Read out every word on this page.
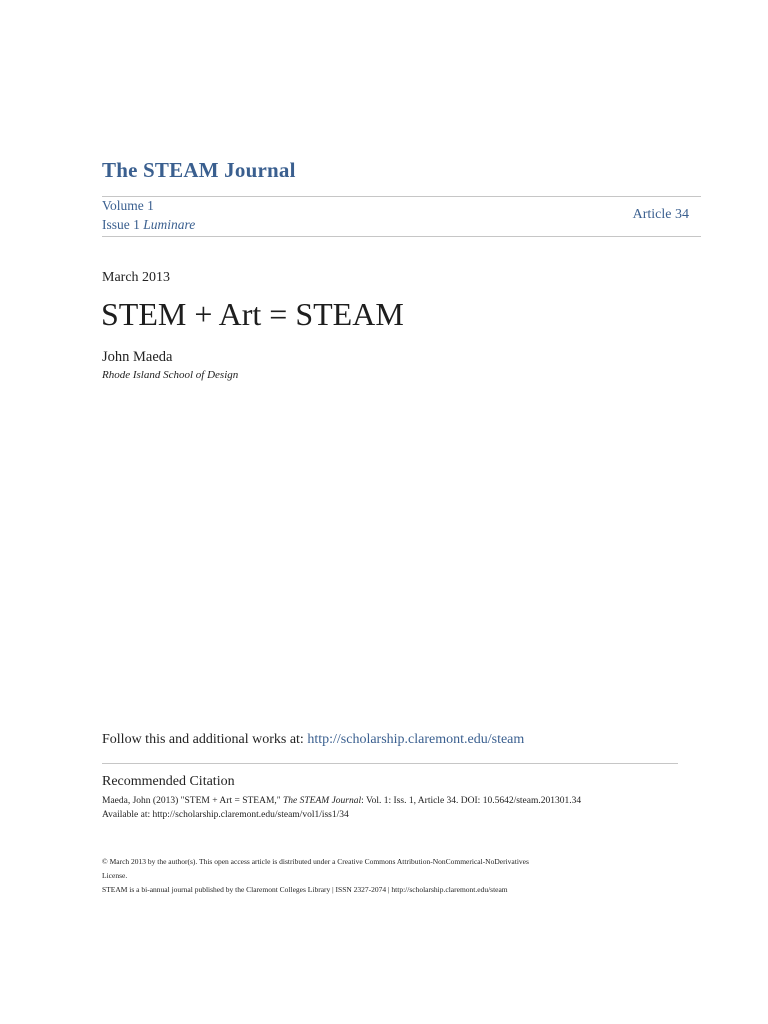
The STEAM Journal
Volume 1
Issue 1 Luminare
Article 34
March 2013
STEM + Art = STEAM
John Maeda
Rhode Island School of Design
Follow this and additional works at: http://scholarship.claremont.edu/steam
Recommended Citation
Maeda, John (2013) "STEM + Art = STEAM," The STEAM Journal: Vol. 1: Iss. 1, Article 34. DOI: 10.5642/steam.201301.34
Available at: http://scholarship.claremont.edu/steam/vol1/iss1/34
© March 2013 by the author(s). This open access article is distributed under a Creative Commons Attribution-NonCommerical-NoDerivatives
License.
STEAM is a bi-annual journal published by the Claremont Colleges Library | ISSN 2327-2074 | http://scholarship.claremont.edu/steam
